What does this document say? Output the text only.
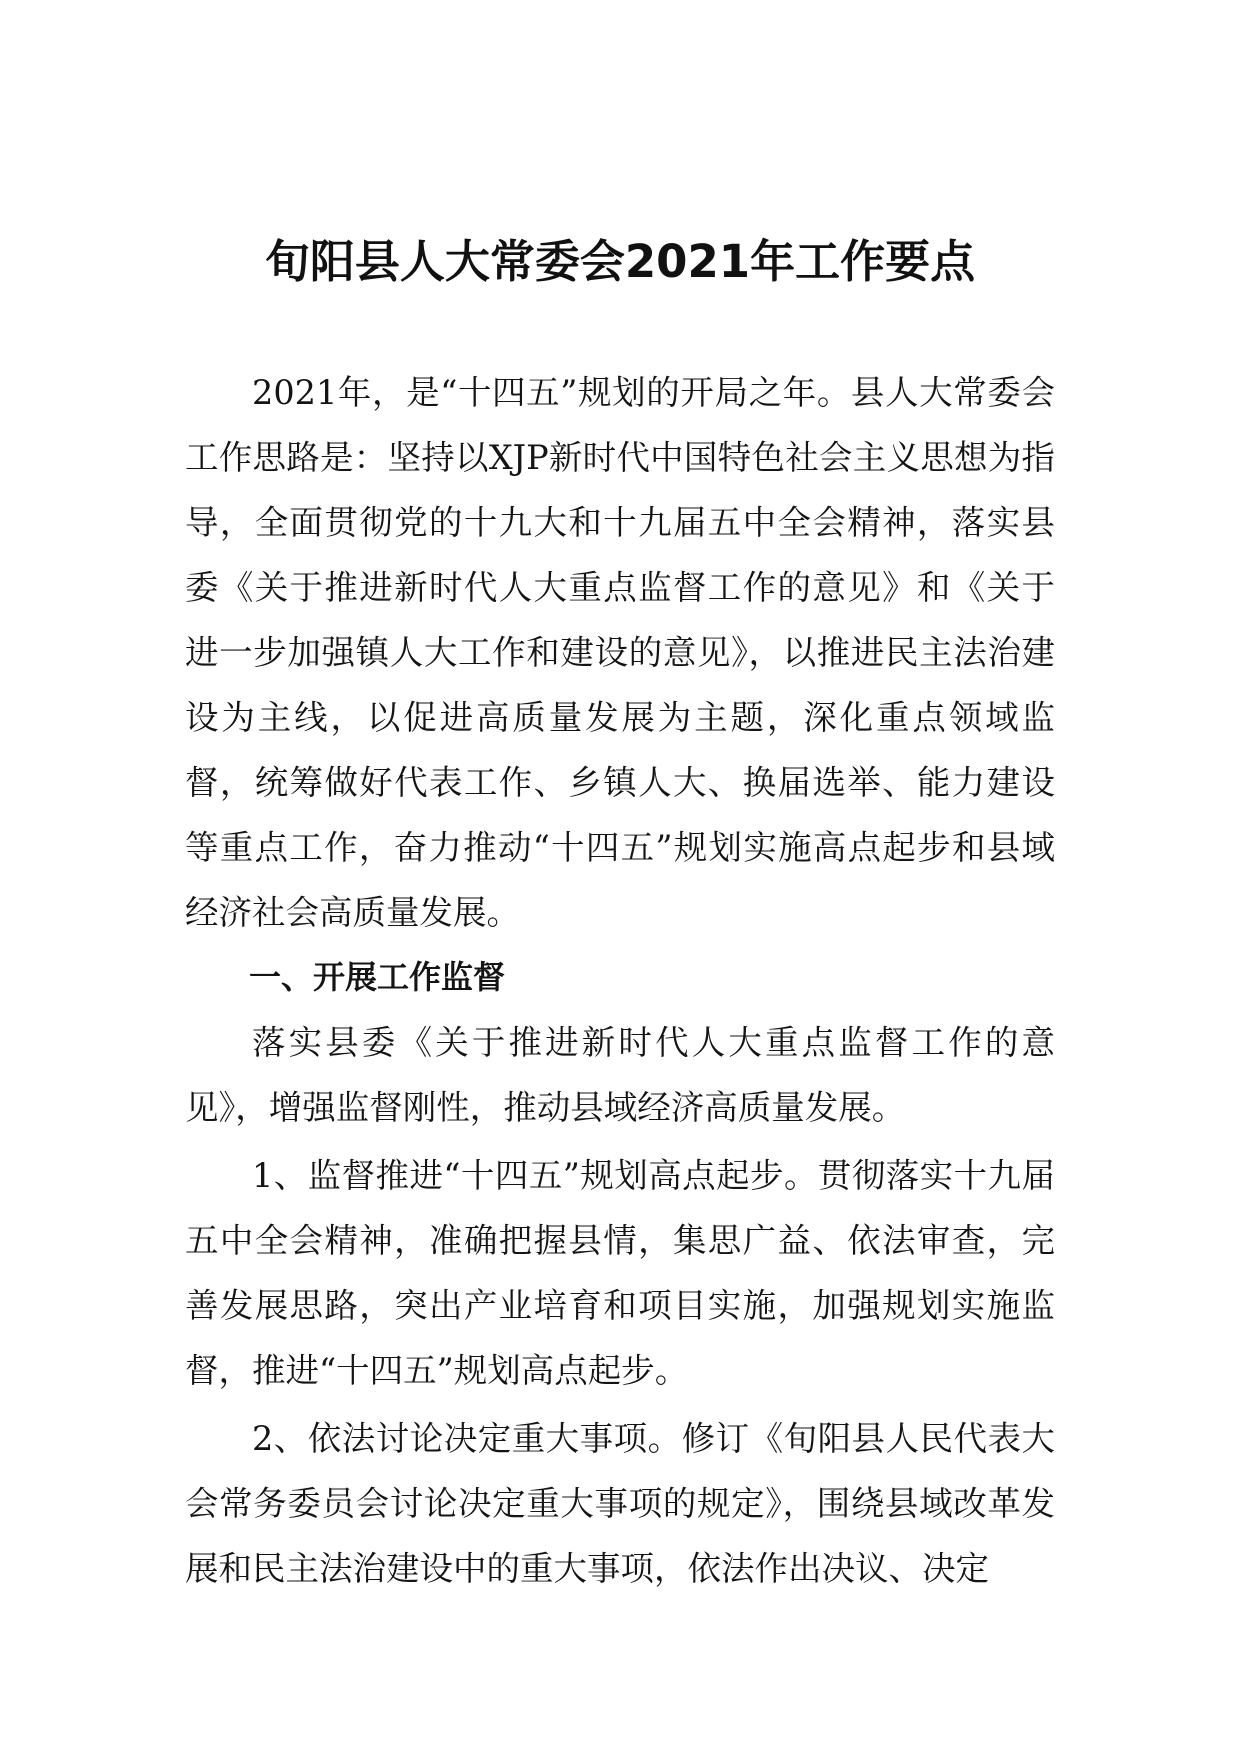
旬阳县人大常委会2021年工作要点

2021年，是“十四五”规划的开局之年。县人大常委会工作思路是：坚持以XJP新时代中国特色社会主义思想为指导，全面贯彻党的十九大和十九届五中全会精神，落实县委《关于推进新时代人大重点监督工作的意见》和《关于进一步加强镇人大工作和建设的意见》，以推进民主法治建设为主线，以促进高质量发展为主题，深化重点领域监督，统筹做好代表工作、乡镇人大、换届选举、能力建设等重点工作，奋力推动“十四五”规划实施高点起步和县域经济社会高质量发展。

一、开展工作监督

落实县委《关于推进新时代人大重点监督工作的意见》，增强监督刚性，推动县域经济高质量发展。

1、监督推进“十四五”规划高点起步。贯彻落实十九届五中全会精神，准确把握县情，集思广益、依法审查，完善发展思路，突出产业培育和项目实施，加强规划实施监督，推进“十四五”规划高点起步。

2、依法讨论决定重大事项。修订《旬阳县人民代表大会常务委员会讨论决定重大事项的规定》，围绕县域改革发展和民主法治建设中的重大事项，依法作出决议、决定
